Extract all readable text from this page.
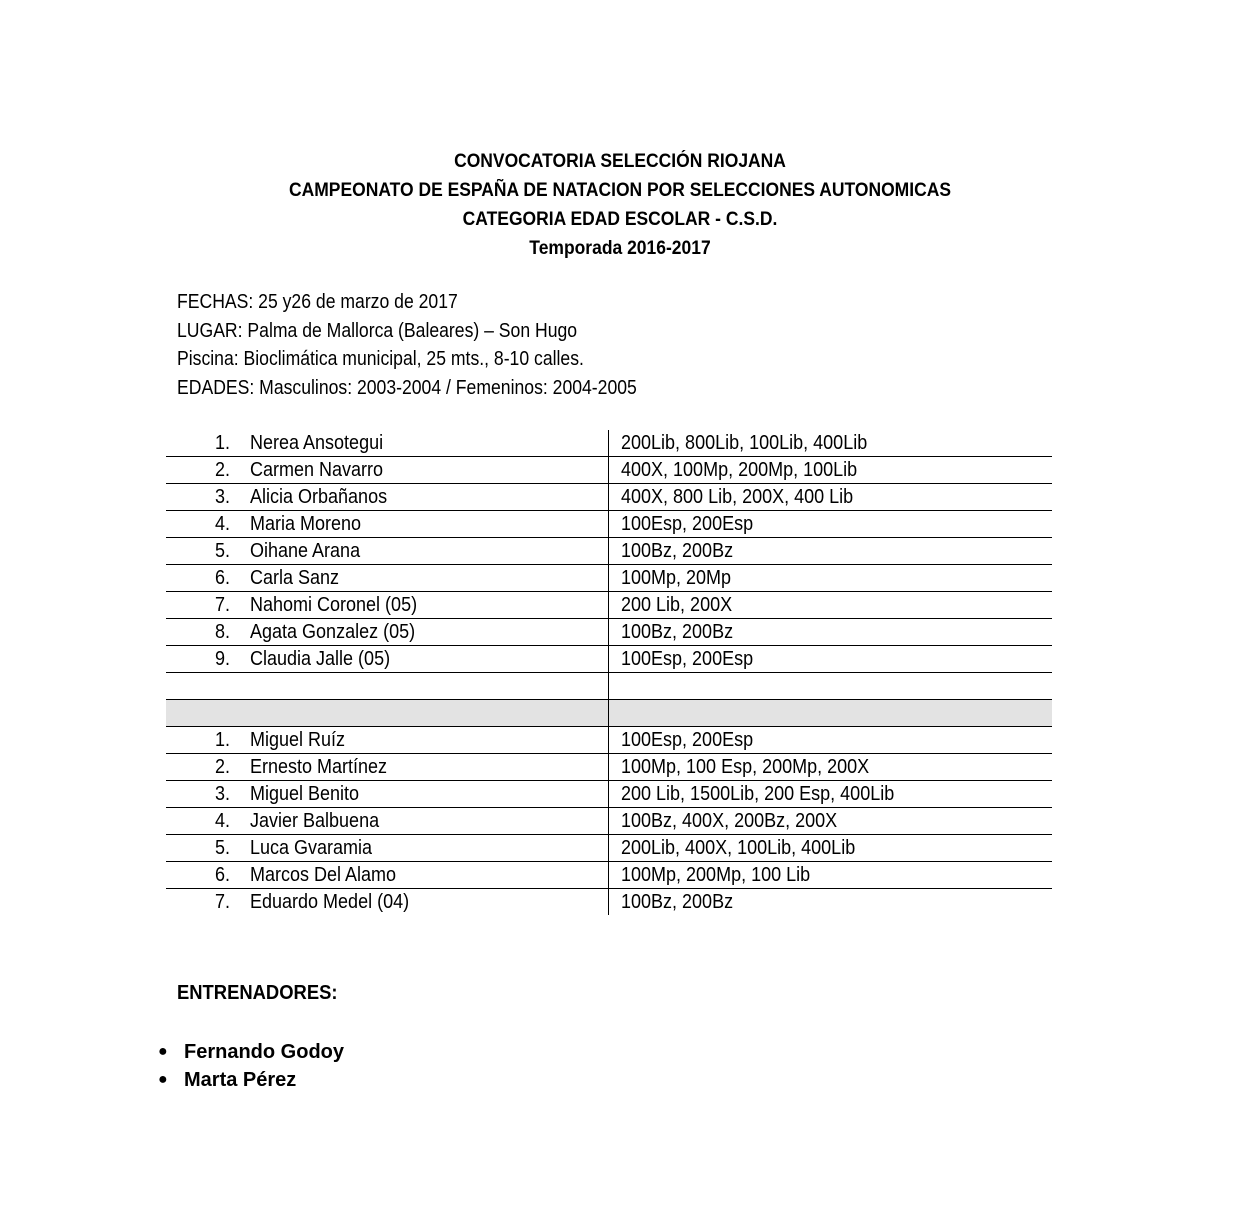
CONVOCATORIA SELECCIÓN RIOJANA
CAMPEONATO DE ESPAÑA DE NATACION POR SELECCIONES AUTONOMICAS
CATEGORIA EDAD ESCOLAR - C.S.D.
Temporada 2016-2017
FECHAS: 25 y26 de marzo de 2017
LUGAR: Palma de Mallorca (Baleares) – Son Hugo
Piscina: Bioclimática municipal, 25 mts., 8-10 calles.
EDADES: Masculinos: 2003-2004 / Femeninos: 2004-2005
1. Nerea Ansotegui	200Lib, 800Lib, 100Lib, 400Lib
2. Carmen Navarro	400X, 100Mp, 200Mp, 100Lib
3. Alicia Orbañanos	400X, 800 Lib, 200X, 400 Lib
4. Maria Moreno	100Esp, 200Esp
5. Oihane Arana	100Bz, 200Bz
6. Carla Sanz	100Mp, 20Mp
7. Nahomi Coronel (05)	200 Lib, 200X
8. Agata Gonzalez (05)	100Bz, 200Bz
9. Claudia Jalle (05)	100Esp, 200Esp

1. Miguel Ruíz	100Esp, 200Esp
2. Ernesto Martínez	100Mp, 100 Esp, 200Mp, 200X
3. Miguel Benito	200 Lib, 1500Lib, 200 Esp, 400Lib
4. Javier Balbuena	100Bz, 400X, 200Bz, 200X
5. Luca Gvaramia	200Lib, 400X, 100Lib, 400Lib
6. Marcos Del Alamo	100Mp, 200Mp, 100 Lib
7. Eduardo Medel (04)	100Bz, 200Bz
ENTRENADORES:
● Fernando Godoy
● Marta Pérez
